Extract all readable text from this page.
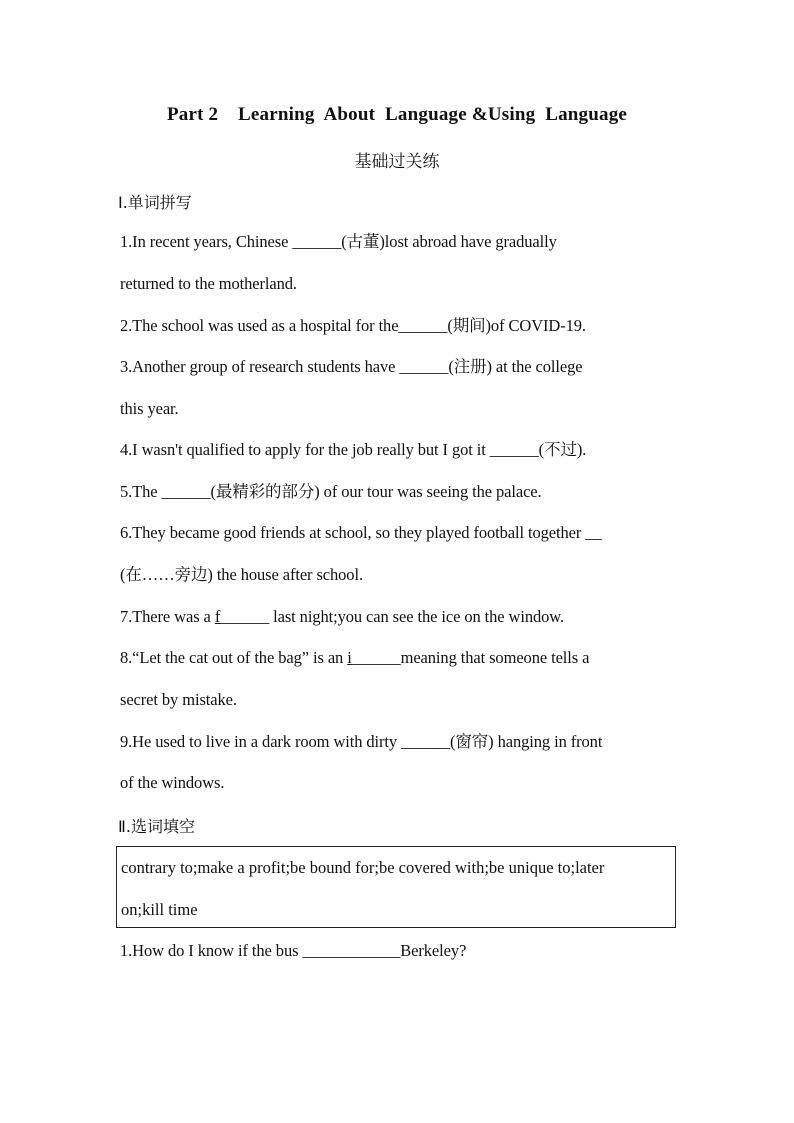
Part 2    Learning  About  Language &Using  Language
基础过关练
Ⅰ.单词拼写
1.In recent years, Chinese ______(古董)lost abroad have gradually
returned to the motherland.
2.The school was used as a hospital for the______(期间)of COVID-19.
3.Another group of research students have ______(注册) at the college
this year.
4.I wasn't qualified to apply for the job really but I got it ______(不过).
5.The ______(最精彩的部分) of our tour was seeing the palace.
6.They became good friends at school, so they played football together __
(在……旁边) the house after school.
7.There was a f______ last night;you can see the ice on the window.
8.“Let the cat out of the bag” is an i______meaning that someone tells a
secret by mistake.
9.He used to live in a dark room with dirty ______(窗帘) hanging in front
of the windows.
Ⅱ.选词填空
contrary to;make a profit;be bound for;be covered with;be unique to;later
on;kill time
1.How do I know if the bus ____________Berkeley?
